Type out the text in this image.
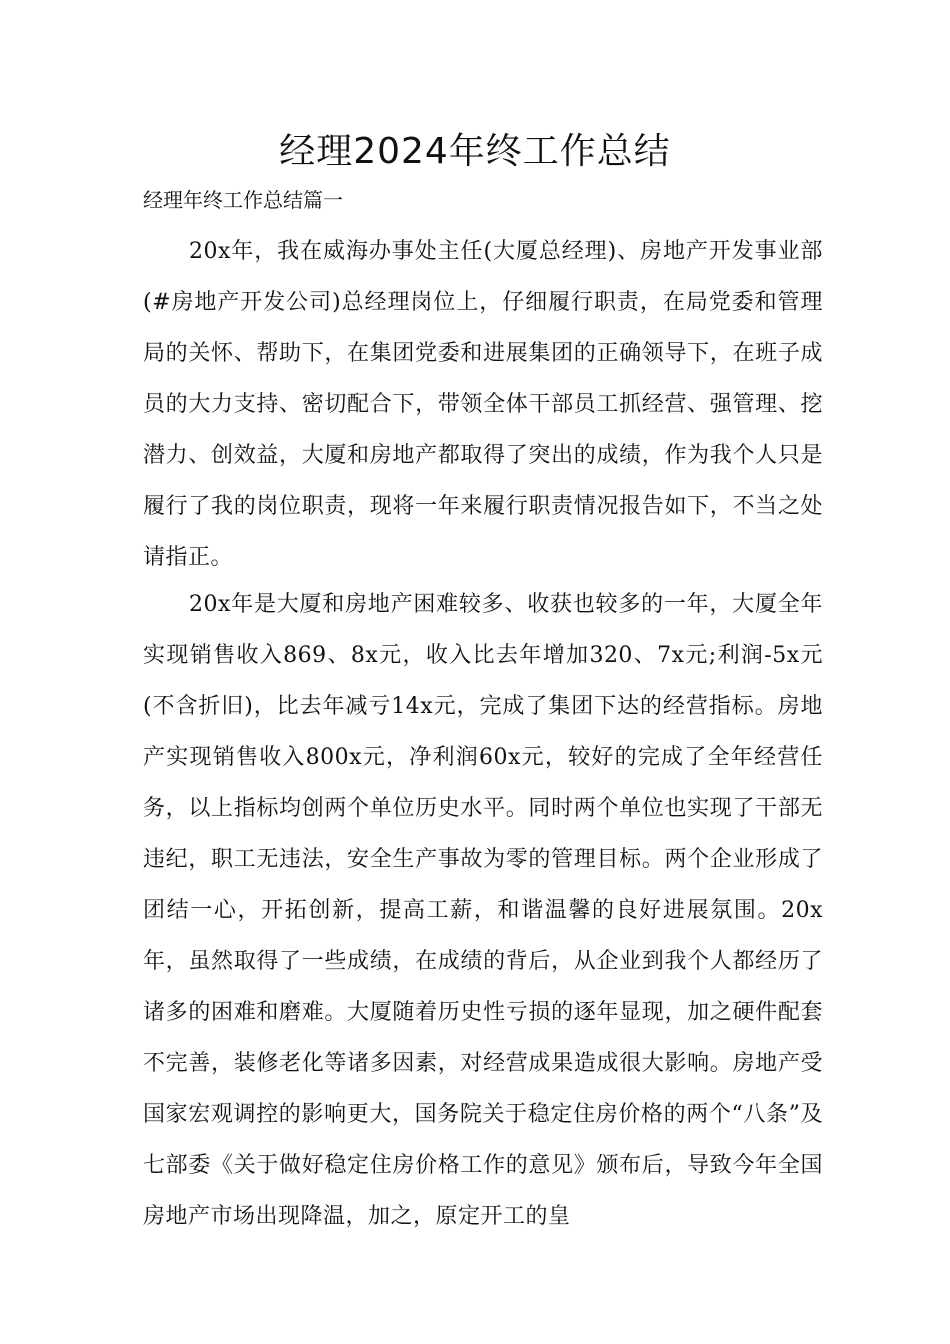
经理2024年终工作总结

经理年终工作总结篇一

20x年，我在威海办事处主任(大厦总经理)、房地产开发事业部(#房地产开发公司)总经理岗位上，仔细履行职责，在局党委和管理局的关怀、帮助下，在集团党委和进展集团的正确领导下，在班子成员的大力支持、密切配合下，带领全体干部员工抓经营、强管理、挖潜力、创效益，大厦和房地产都取得了突出的成绩，作为我个人只是履行了我的岗位职责，现将一年来履行职责情况报告如下，不当之处请指正。

20x年是大厦和房地产困难较多、收获也较多的一年，大厦全年实现销售收入869、8x元，收入比去年增加320、7x元;利润-5x元(不含折旧)，比去年减亏14x元，完成了集团下达的经营指标。房地产实现销售收入800x元，净利润60x元，较好的完成了全年经营任务，以上指标均创两个单位历史水平。同时两个单位也实现了干部无违纪，职工无违法，安全生产事故为零的管理目标。两个企业形成了团结一心，开拓创新，提高工薪，和谐温馨的良好进展氛围。20x年，虽然取得了一些成绩，在成绩的背后，从企业到我个人都经历了诸多的困难和磨难。大厦随着历史性亏损的逐年显现，加之硬件配套不完善，装修老化等诸多因素，对经营成果造成很大影响。房地产受国家宏观调控的影响更大，国务院关于稳定住房价格的两个“八条”及七部委《关于做好稳定住房价格工作的意见》颁布后，导致今年全国房地产市场出现降温，加之，原定开工的皇
